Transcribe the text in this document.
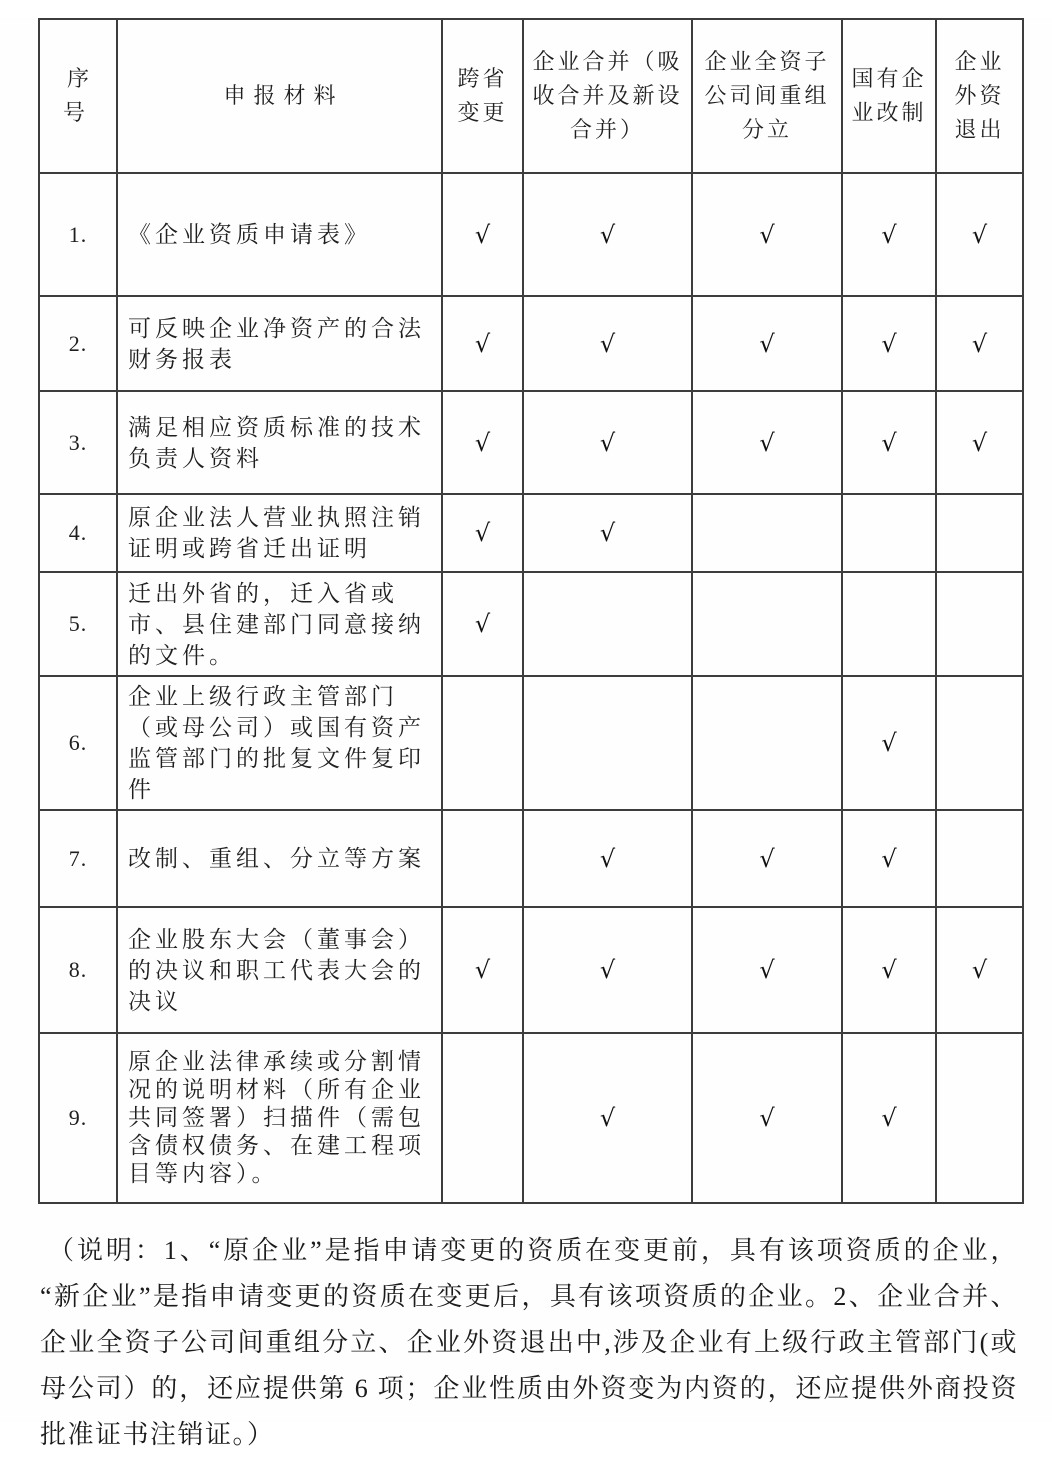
序号	申报材料	跨省变更	企业合并（吸收合并及新设合并）	企业全资子公司间重组分立	国有企业改制	企业外资退出
1.	《企业资质申请表》	√	√	√	√	√
2.	可反映企业净资产的合法财务报表	√	√	√	√	√
3.	满足相应资质标准的技术负责人资料	√	√	√	√	√
4.	原企业法人营业执照注销证明或跨省迁出证明	√	√			
5.	迁出外省的，迁入省或市、县住建部门同意接纳的文件。	√				
6.	企业上级行政主管部门（或母公司）或国有资产监管部门的批复文件复印件				√	
7.	改制、重组、分立等方案		√	√	√	
8.	企业股东大会（董事会）的决议和职工代表大会的决议	√	√	√	√	√
9.	原企业法律承续或分割情况的说明材料（所有企业共同签署）扫描件（需包含债权债务、在建工程项目等内容）。		√	√	√	
（说明：1、“原企业”是指申请变更的资质在变更前，具有该项资质的企业，
“新企业”是指申请变更的资质在变更后，具有该项资质的企业。2、企业合并、
企业全资子公司间重组分立、企业外资退出中,涉及企业有上级行政主管部门(或
母公司）的，还应提供第 6 项；企业性质由外资变为内资的，还应提供外商投资
批准证书注销证。）
